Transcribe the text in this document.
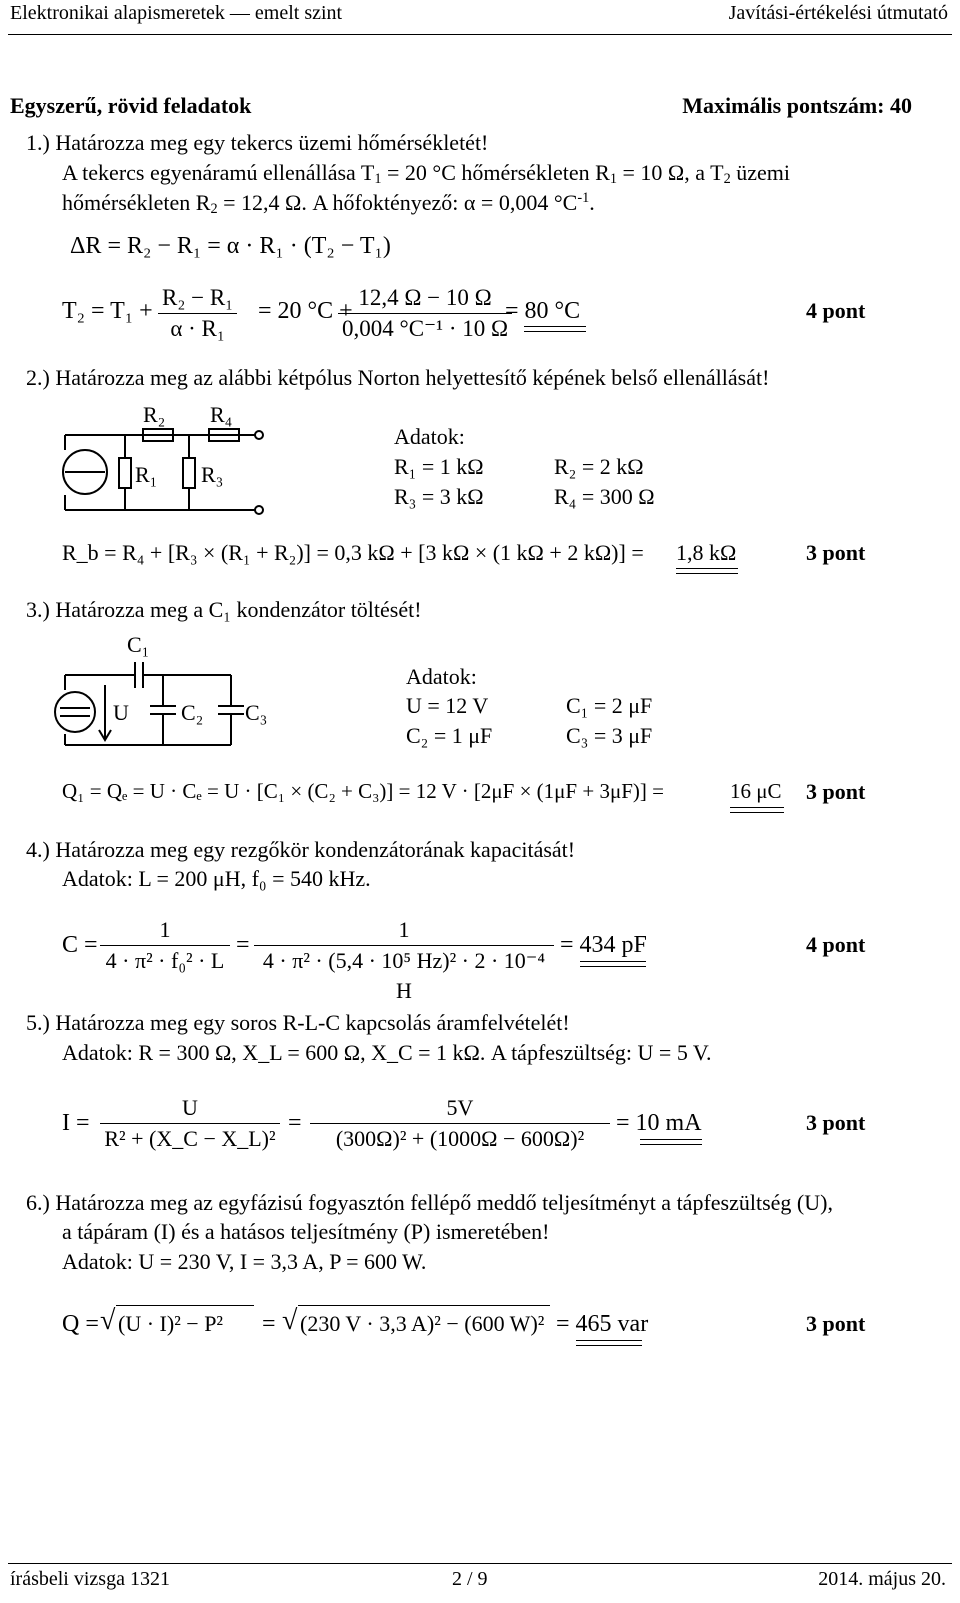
Elektronikai alapismeretek — emelt szint	Javítási-értékelési útmutató
Egyszerű, rövid feladatok	Maximális pontszám: 40
1.) Határozza meg egy tekercs üzemi hőmérsékletét!
A tekercs egyenáramú ellenállása $T_1 = 20$ °C hőmérsékleten $R_1 = 10$ Ω, a $T_2$ üzemi
hőmérsékleten $R_2 = 12,4$ Ω. A hőfoktényező: α = 0,004 $^\circ C^{-1}$.
ΔR = R₂ − R₁ = α · R₁ · (T₂ − T₁)
$T_2 = T_1 + \frac{\text{R₂ − R₁}}{\text{α · R₁}} = 20$ °C +
$\frac{12,4 \Omega - 10 \Omega}{\text{0,004 °C⁻¹ · 10 Ω}}$
= 80 °C	4 pont
2.) Határozza meg az alábbi kétpólus Norton helyettesítő képének belső ellenállását!
R₂ R₄
R₁ R₃
Adatok:
R₁ = 1 kΩ	R₂ = 2 kΩ
R₃ = 3 kΩ	R₄ = 300 Ω
R_b = R₄ + [R₃ × (R₁ + R₂)] = 0,3 kΩ + [3 kΩ × (1 kΩ + 2 kΩ)] = 1,8 kΩ	3 pont
3.) Határozza meg a C₁ kondenzátor töltését!
C₁
U C₂ C₃
Adatok:
U = 12 V	C₁ = 2 μF
C₂ = 1 μF	C₃ = 3 μF
Q₁ = Qₑ = U · Cₑ = U · [C₁ × (C₂ + C₃)] = 12 V · [2μF × (1μF + 3μF)] =	16 μC 3 pont
4.) Határozza meg egy rezgőkör kondenzátorának kapacitását!
Adatok: L = 200 μH, f₀ = 540 kHz.
$C = \frac{1}{\text{4 · π² · f₀² · L}} = \frac{1}{\text{4 · π² · (5,4 · 10⁵ Hz)² · 2 · 10⁻⁴ H}} = 434$ pF	4 pont
5.) Határozza meg egy soros R-L-C kapcsolás áramfelvételét!
Adatok: R = 300 Ω, X_L = 600 Ω, X_C = 1 kΩ. A tápfeszültség: U = 5 V.
$I = \frac{U}{\text{R² + (X\_C − X\_L)²}} = \frac{5V}{\text{(300Ω)² + (1000Ω − 600Ω)²}} = 10$ mA	3 pont
6.) Határozza meg az egyfázisú fogyasztón fellépő meddő teljesítményt a tápfeszültség (U),
a tápáram (I) és a hatásos teljesítmény (P) ismeretében!
Adatok: U = 230 V, I = 3,3 A, P = 600 W.
Q = √ (U · I)² − P² = √ (230 V · 3,3 A)² − (600 W)² = 465 var	3 pont
írásbeli vizsga 1321	2 / 9	2014. május 20.
